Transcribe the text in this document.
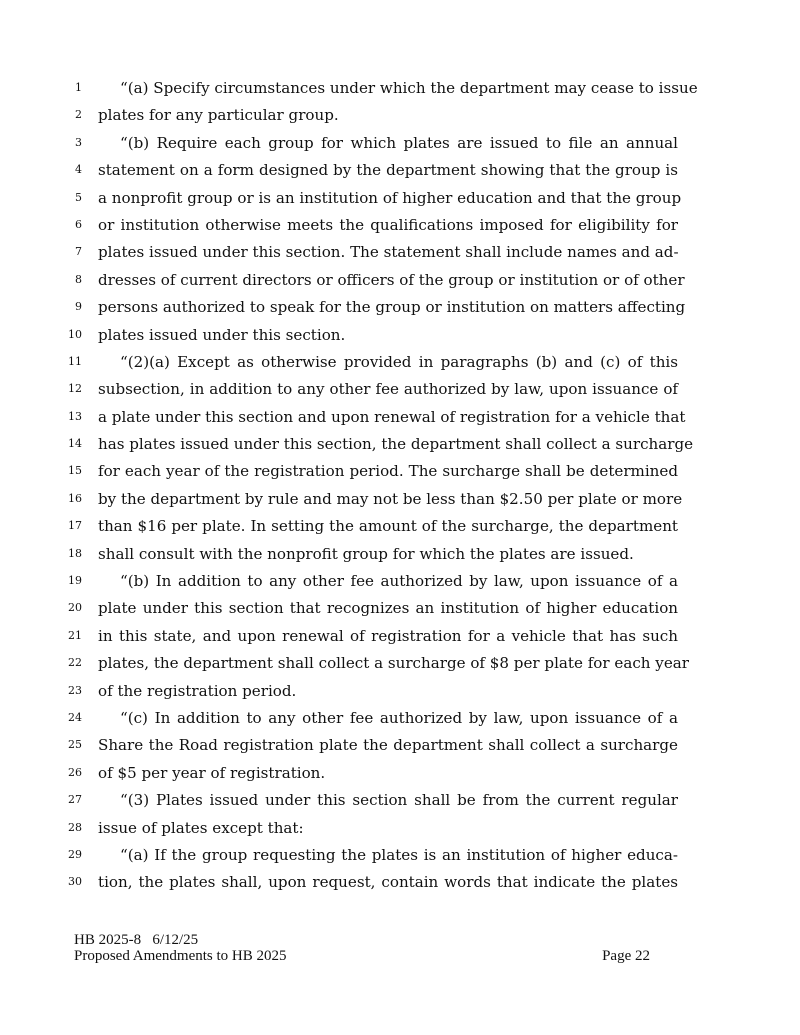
1	“(a) Specify circumstances under which the department may cease to issue
2 plates for any particular group.
3	“(b) Require each group for which plates are issued to file an annual
4 statement on a form designed by the department showing that the group is
5 a nonprofit group or is an institution of higher education and that the group
6 or institution otherwise meets the qualifications imposed for eligibility for
7 plates issued under this section. The statement shall include names and ad-
8 dresses of current directors or officers of the group or institution or of other
9 persons authorized to speak for the group or institution on matters affecting
10 plates issued under this section.
11	“(2)(a) Except as otherwise provided in paragraphs (b) and (c) of this
12 subsection, in addition to any other fee authorized by law, upon issuance of
13 a plate under this section and upon renewal of registration for a vehicle that
14 has plates issued under this section, the department shall collect a surcharge
15 for each year of the registration period. The surcharge shall be determined
16 by the department by rule and may not be less than $2.50 per plate or more
17 than $16 per plate. In setting the amount of the surcharge, the department
18 shall consult with the nonprofit group for which the plates are issued.
19	“(b) In addition to any other fee authorized by law, upon issuance of a
20 plate under this section that recognizes an institution of higher education
21 in this state, and upon renewal of registration for a vehicle that has such
22 plates, the department shall collect a surcharge of $8 per plate for each year
23 of the registration period.
24	“(c) In addition to any other fee authorized by law, upon issuance of a
25 Share the Road registration plate the department shall collect a surcharge
26 of $5 per year of registration.
27	“(3) Plates issued under this section shall be from the current regular
28 issue of plates except that:
29	“(a) If the group requesting the plates is an institution of higher educa-
30 tion, the plates shall, upon request, contain words that indicate the plates
HB 2025-8 6/12/25
Proposed Amendments to HB 2025	Page 22
